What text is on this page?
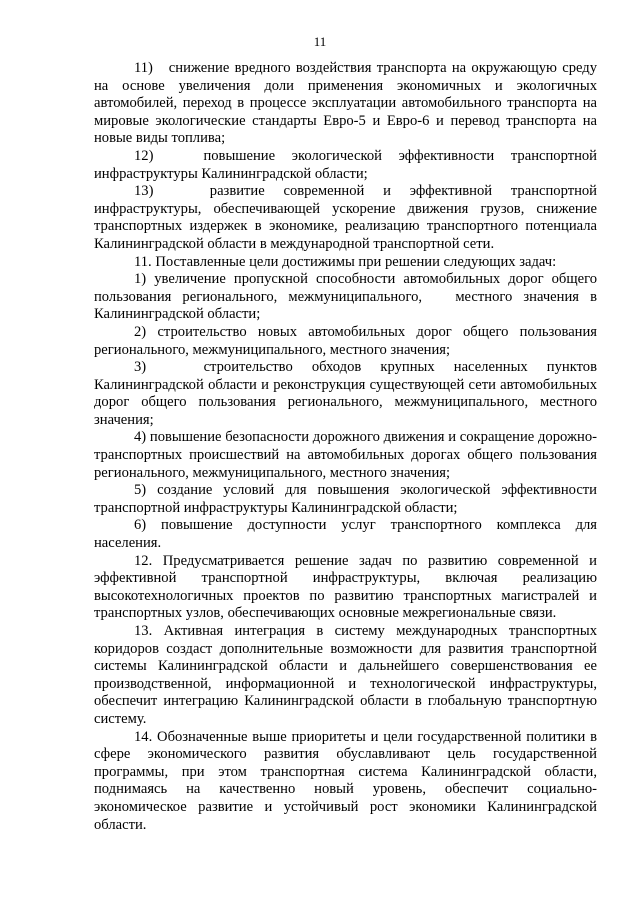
11

11)   снижение вредного воздействия транспорта на окружающую среду на основе увеличения доли применения экономичных и экологичных автомобилей, переход в процессе эксплуатации автомобильного транспорта на мировые экологические стандарты Евро-5 и Евро-6 и перевод транспорта на новые виды топлива;

12)   повышение экологической эффективности транспортной инфраструктуры Калининградской области;

13)   развитие современной и эффективной транспортной инфраструктуры, обеспечивающей ускорение движения грузов, снижение транспортных издержек в экономике, реализацию транспортного потенциала Калининградской области в международной транспортной сети.

11. Поставленные цели достижимы при решении следующих задач:

1) увеличение пропускной способности автомобильных дорог общего пользования регионального, межмуниципального,   местного значения в Калининградской области;

2) строительство новых автомобильных дорог общего пользования регионального, межмуниципального, местного значения;

3)   строительство обходов крупных населенных пунктов Калининградской области и реконструкция существующей сети автомобильных дорог общего пользования регионального, межмуниципального, местного значения;

4) повышение безопасности дорожного движения и сокращение дорожно-транспортных происшествий на автомобильных дорогах общего пользования регионального, межмуниципального, местного значения;

5) создание условий для повышения экологической эффективности транспортной инфраструктуры Калининградской области;

6) повышение доступности услуг транспортного комплекса для населения.

12. Предусматривается решение задач по развитию современной и эффективной транспортной инфраструктуры, включая реализацию высокотехнологичных проектов по развитию транспортных магистралей и транспортных узлов, обеспечивающих основные межрегиональные связи.

13. Активная интеграция в систему международных транспортных коридоров создаст дополнительные возможности для развития транспортной системы Калининградской области и дальнейшего совершенствования ее производственной, информационной и технологической инфраструктуры, обеспечит интеграцию Калининградской области в глобальную транспортную систему.

14. Обозначенные выше приоритеты и цели государственной политики в сфере экономического развития обуславливают цель государственной программы, при этом транспортная система Калининградской области, поднимаясь на качественно новый уровень, обеспечит социально-экономическое развитие и устойчивый рост экономики Калининградской области.
